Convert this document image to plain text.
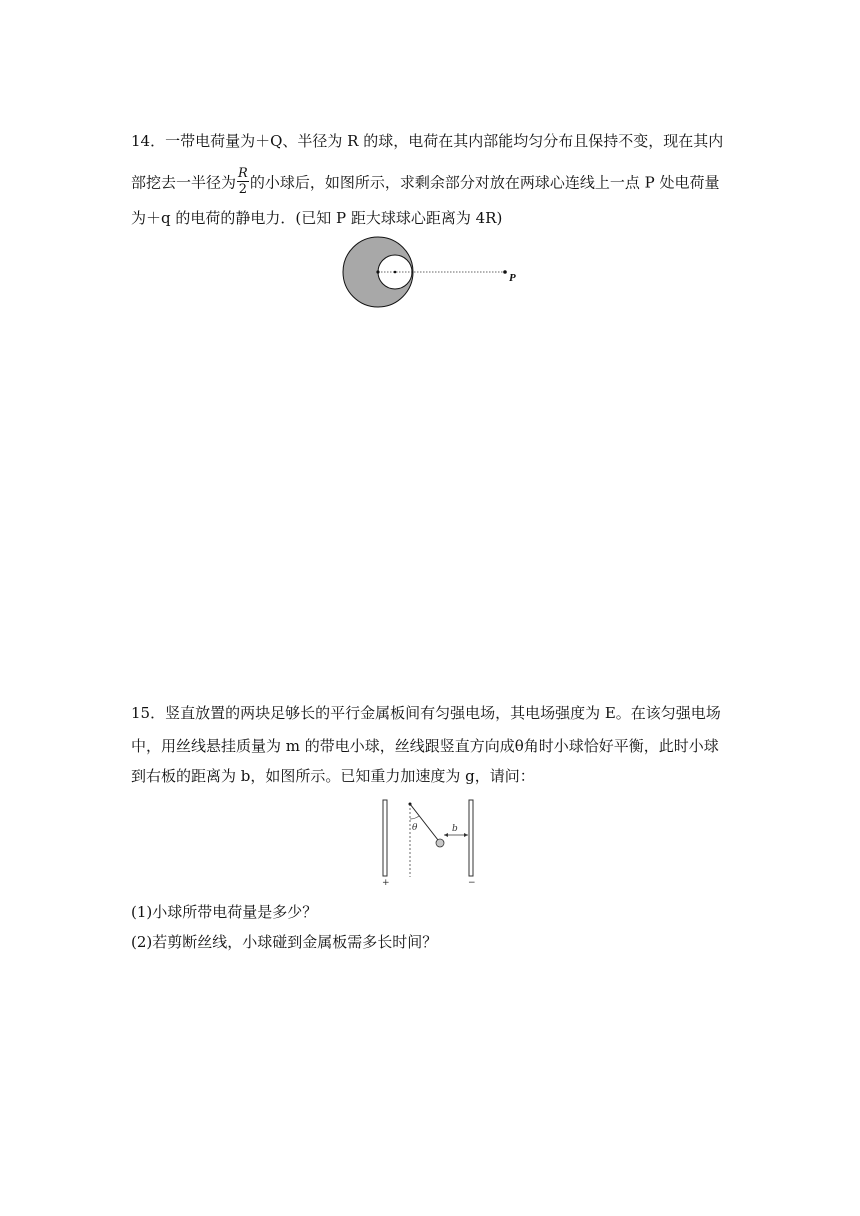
14．一带电荷量为＋Q、半径为 R 的球，电荷在其内部能均匀分布且保持不变，现在其内
部挖去一半径为 $\frac{R}{2}$ 的小球后，如图所示，求剩余部分对放在两球心连线上一点 P 处电荷量
为＋q 的电荷的静电力．(已知 P 距大球球心距离为 4R)
P
15．竖直放置的两块足够长的平行金属板间有匀强电场，其电场强度为 E。在该匀强电场
中，用丝线悬挂质量为 m 的带电小球，丝线跟竖直方向成θ角时小球恰好平衡，此时小球
到右板的距离为 b，如图所示。已知重力加速度为 g，请问：
θ	b
+	−
(1)小球所带电荷量是多少？
(2)若剪断丝线，小球碰到金属板需多长时间？
